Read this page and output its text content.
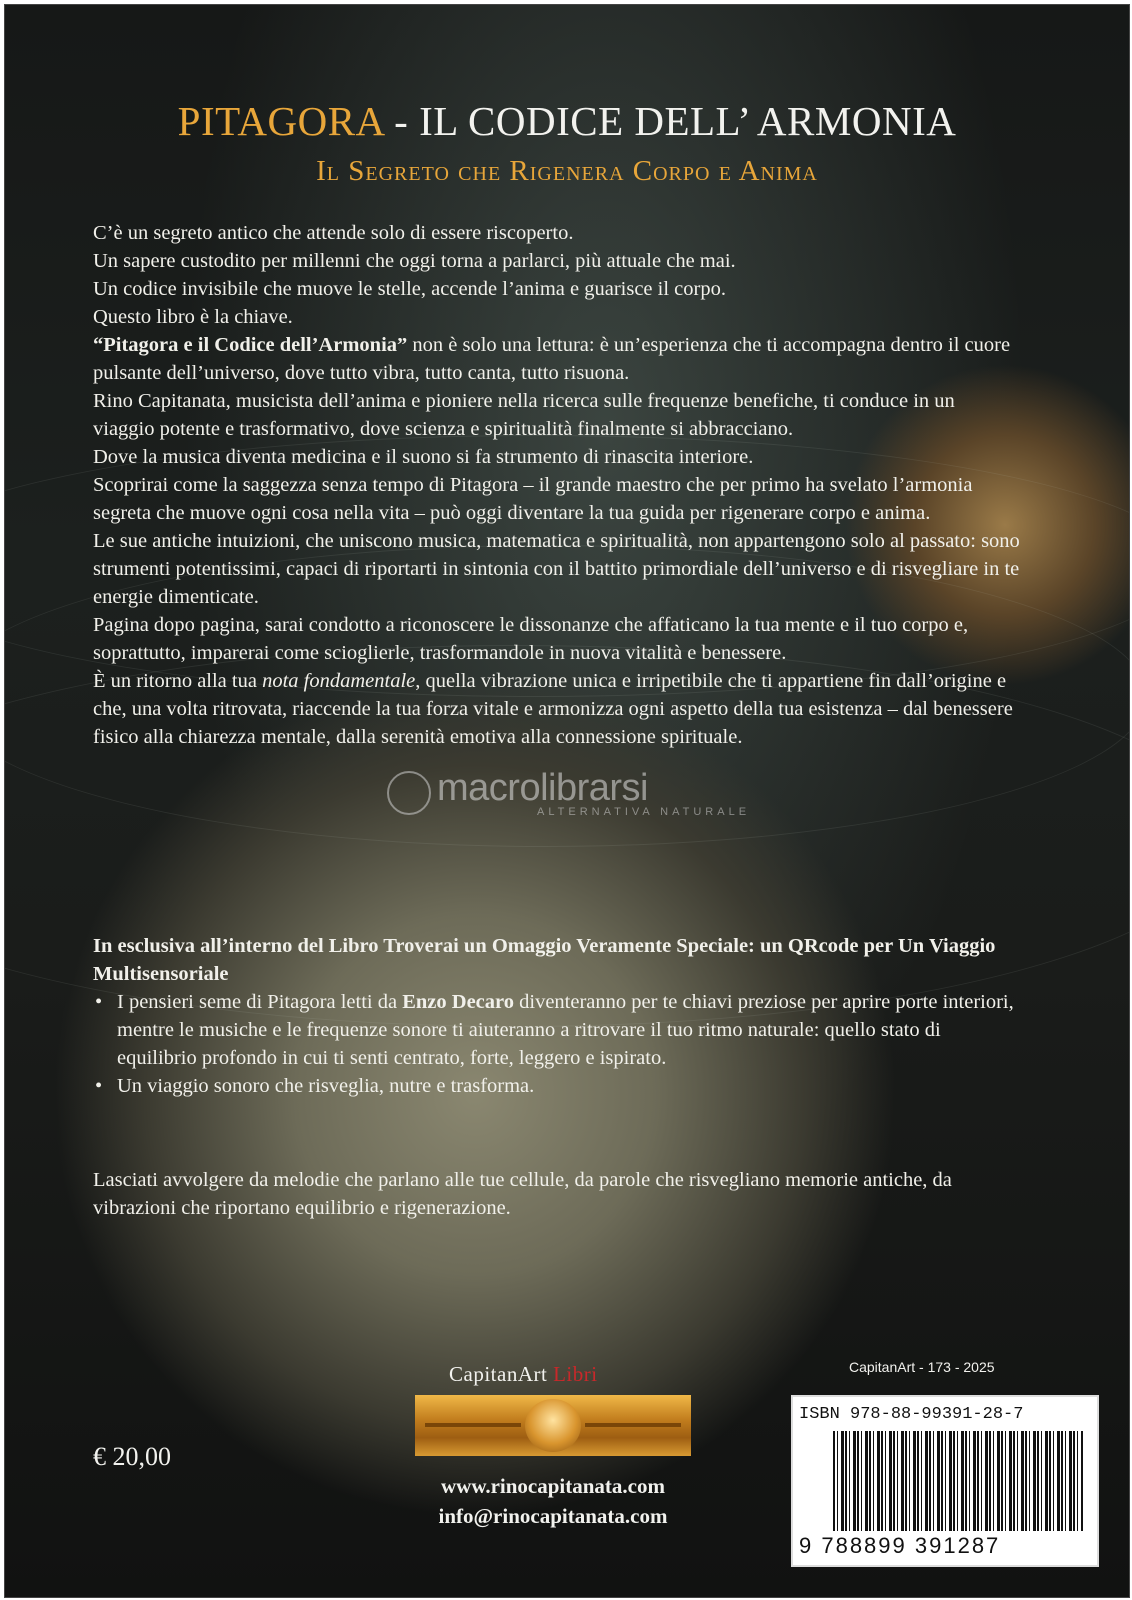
PITAGORA - IL CODICE DELL’ ARMONIA
Il Segreto che Rigenera Corpo e Anima

C’è un segreto antico che attende solo di essere riscoperto.

Un sapere custodito per millenni che oggi torna a parlarci, più attuale che mai.

Un codice invisibile che muove le stelle, accende l’anima e guarisce il corpo.

Questo libro è la chiave.

“Pitagora e il Codice dell’Armonia” non è solo una lettura: è un’esperienza che ti accompagna dentro il cuore pulsante dell’universo, dove tutto vibra, tutto canta, tutto risuona.

Rino Capitanata, musicista dell’anima e pioniere nella ricerca sulle frequenze benefiche, ti conduce in un viaggio potente e trasformativo, dove scienza e spiritualità finalmente si abbracciano.

Dove la musica diventa medicina e il suono si fa strumento di rinascita interiore.

Scoprirai come la saggezza senza tempo di Pitagora – il grande maestro che per primo ha svelato l’armonia segreta che muove ogni cosa nella vita – può oggi diventare la tua guida per rigenerare corpo e anima.

Le sue antiche intuizioni, che uniscono musica, matematica e spiritualità, non appartengono solo al passato: sono strumenti potentissimi, capaci di riportarti in sintonia con il battito primordiale dell’universo e di risvegliare in te energie dimenticate.

Pagina dopo pagina, sarai condotto a riconoscere le dissonanze che affaticano la tua mente e il tuo corpo e, soprattutto, imparerai come scioglierle, trasformandole in nuova vitalità e benessere.

È un ritorno alla tua nota fondamentale, quella vibrazione unica e irripetibile che ti appartiene fin dall’origine e che, una volta ritrovata, riaccende la tua forza vitale e armonizza ogni aspetto della tua esistenza – dal benessere fisico alla chiarezza mentale, dalla serenità emotiva alla connessione spirituale.

In esclusiva all’interno del Libro Troverai un Omaggio Veramente Speciale: un QRcode per Un Viaggio Multisensoriale

• I pensieri seme di Pitagora letti da Enzo Decaro diventeranno per te chiavi preziose per aprire porte interiori, mentre le musiche e le frequenze sonore ti aiuteranno a ritrovare il tuo ritmo naturale: quello stato di equilibrio profondo in cui ti senti centrato, forte, leggero e ispirato.
• Un viaggio sonoro che risveglia, nutre e trasforma.
Lasciati avvolgere da melodie che parlano alle tue cellule, da parole che risvegliano memorie antiche, da vibrazioni che riportano equilibrio e rigenerazione.
macrolibrarsi
ALTERNATIVA NATURALE
CapitanArt Libri
www.rinocapitanata.com
info@rinocapitanata.com
€ 20,00
CapitanArt - 173 - 2025
ISBN 978-88-99391-28-7
9 788899 391287
